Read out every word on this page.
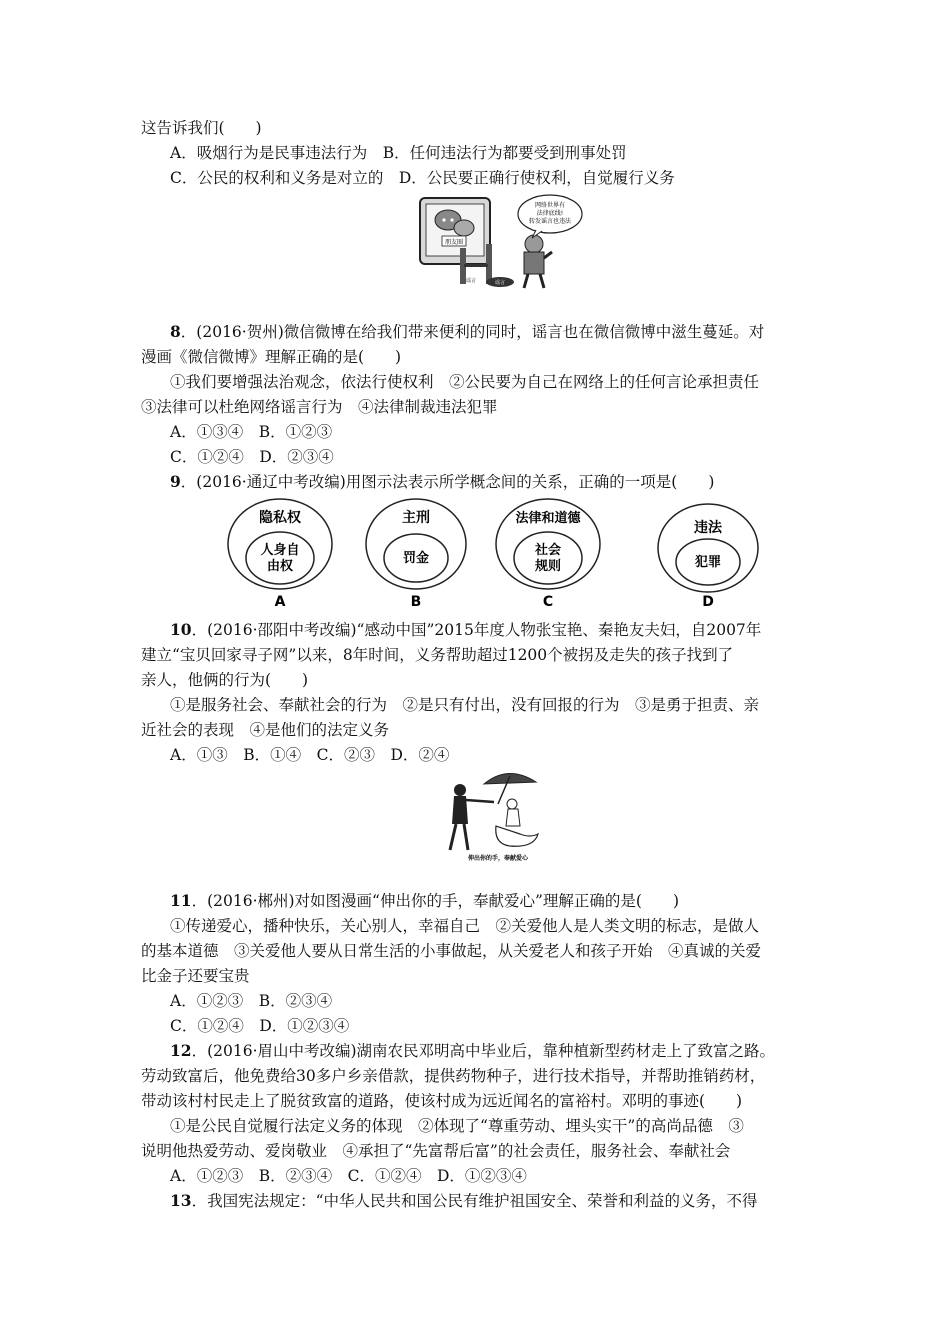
这告诉我们(　　)
A．吸烟行为是民事违法行为　B．任何违法行为都要受到刑事处罚
C．公民的权利和义务是对立的　D．公民要正确行使权利，自觉履行义务
朋友圈
谣言	谣言
网络世界有
法律底线!
转发谣言也违法
8．(2016·贺州)微信微博在给我们带来便利的同时，谣言也在微信微博中滋生蔓延。对
漫画《微信微博》理解正确的是(　　)
①我们要增强法治观念，依法行使权利　②公民要为自己在网络上的任何言论承担责任
③法律可以杜绝网络谣言行为　④法律制裁违法犯罪
A．①③④　B．①②③
C．①②④　D．②③④
9．(2016·通辽中考改编)用图示法表示所学概念间的关系，正确的一项是(　　)
隐私权
人身自
由权
A
主刑
罚金
B
法律和道德
社会
规则
C
违法
犯罪
D
10．(2016·邵阳中考改编)“感动中国”2015年度人物张宝艳、秦艳友夫妇，自2007年
建立“宝贝回家寻子网”以来，8年时间，义务帮助超过1200个被拐及走失的孩子找到了
亲人，他俩的行为(　　)
①是服务社会、奉献社会的行为　②是只有付出，没有回报的行为　③是勇于担责、亲
近社会的表现　④是他们的法定义务
A．①③　B．①④　C．②③　D．②④
伸出你的手，奉献爱心
11．(2016·郴州)对如图漫画“伸出你的手，奉献爱心”理解正确的是(　　)
①传递爱心，播种快乐，关心别人，幸福自己　②关爱他人是人类文明的标志，是做人
的基本道德　③关爱他人要从日常生活的小事做起，从关爱老人和孩子开始　④真诚的关爱
比金子还要宝贵
A．①②③　B．②③④
C．①②④　D．①②③④
12．(2016·眉山中考改编)湖南农民邓明高中毕业后，靠种植新型药材走上了致富之路。
劳动致富后，他免费给30多户乡亲借款，提供药物种子，进行技术指导，并帮助推销药材，
带动该村村民走上了脱贫致富的道路，使该村成为远近闻名的富裕村。邓明的事迹(　　)
①是公民自觉履行法定义务的体现　②体现了“尊重劳动、埋头实干”的高尚品德　③
说明他热爱劳动、爱岗敬业　④承担了“先富帮后富”的社会责任，服务社会、奉献社会
A．①②③　B．②③④　C．①②④　D．①②③④
13．我国宪法规定：“中华人民共和国公民有维护祖国安全、荣誉和利益的义务，不得
